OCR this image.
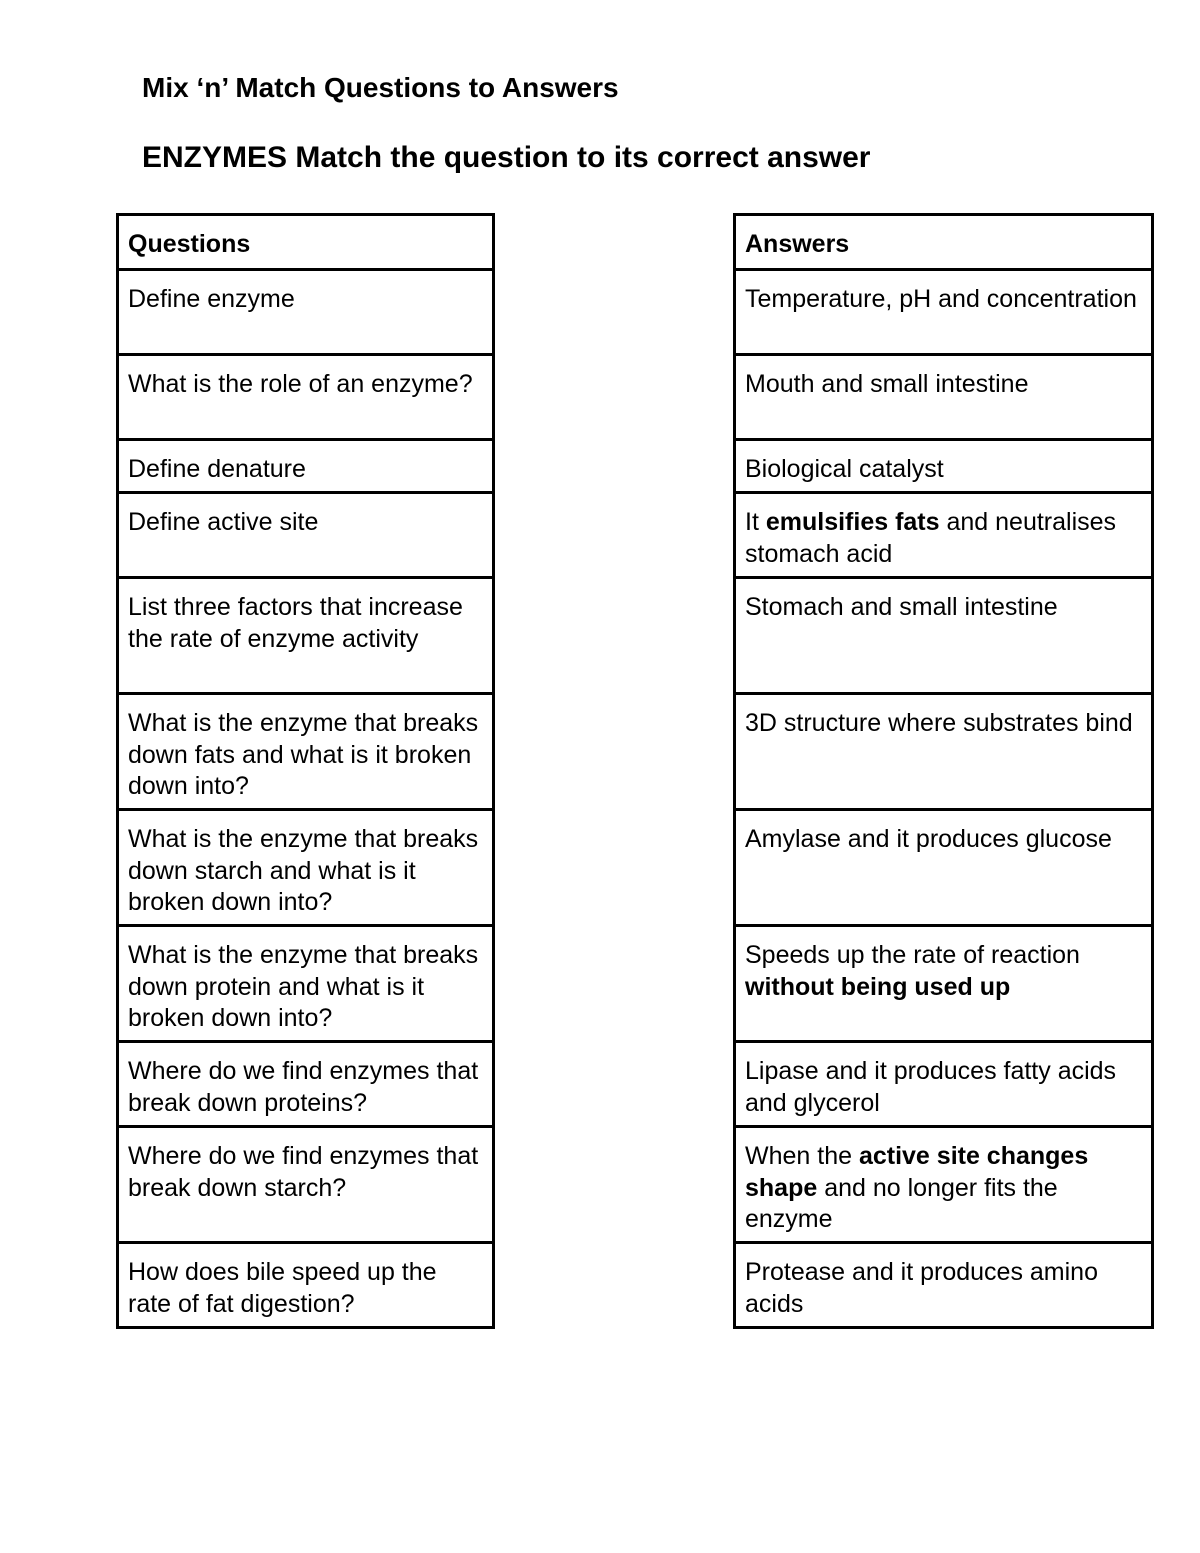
Mix ‘n’ Match Questions to Answers
ENZYMES Match the question to its correct answer
Questions
Define enzyme
What is the role of an enzyme?
Define denature
Define active site
List three factors that increase the rate of enzyme activity
What is the enzyme that breaks down fats and what is it broken down into?
What is the enzyme that breaks down starch and what is it broken down into?
What is the enzyme that breaks down protein and what is it broken down into?
Where do we find enzymes that break down proteins?
Where do we find enzymes that break down starch?
How does bile speed up the rate of fat digestion?
Answers
Temperature, pH and concentration
Mouth and small intestine
Biological catalyst
It emulsifies fats and neutralises stomach acid
Stomach and small intestine
3D structure where substrates bind
Amylase and it produces glucose
Speeds up the rate of reaction without being used up
Lipase and it produces fatty acids and glycerol
When the active site changes shape and no longer fits the enzyme
Protease and it produces amino acids
